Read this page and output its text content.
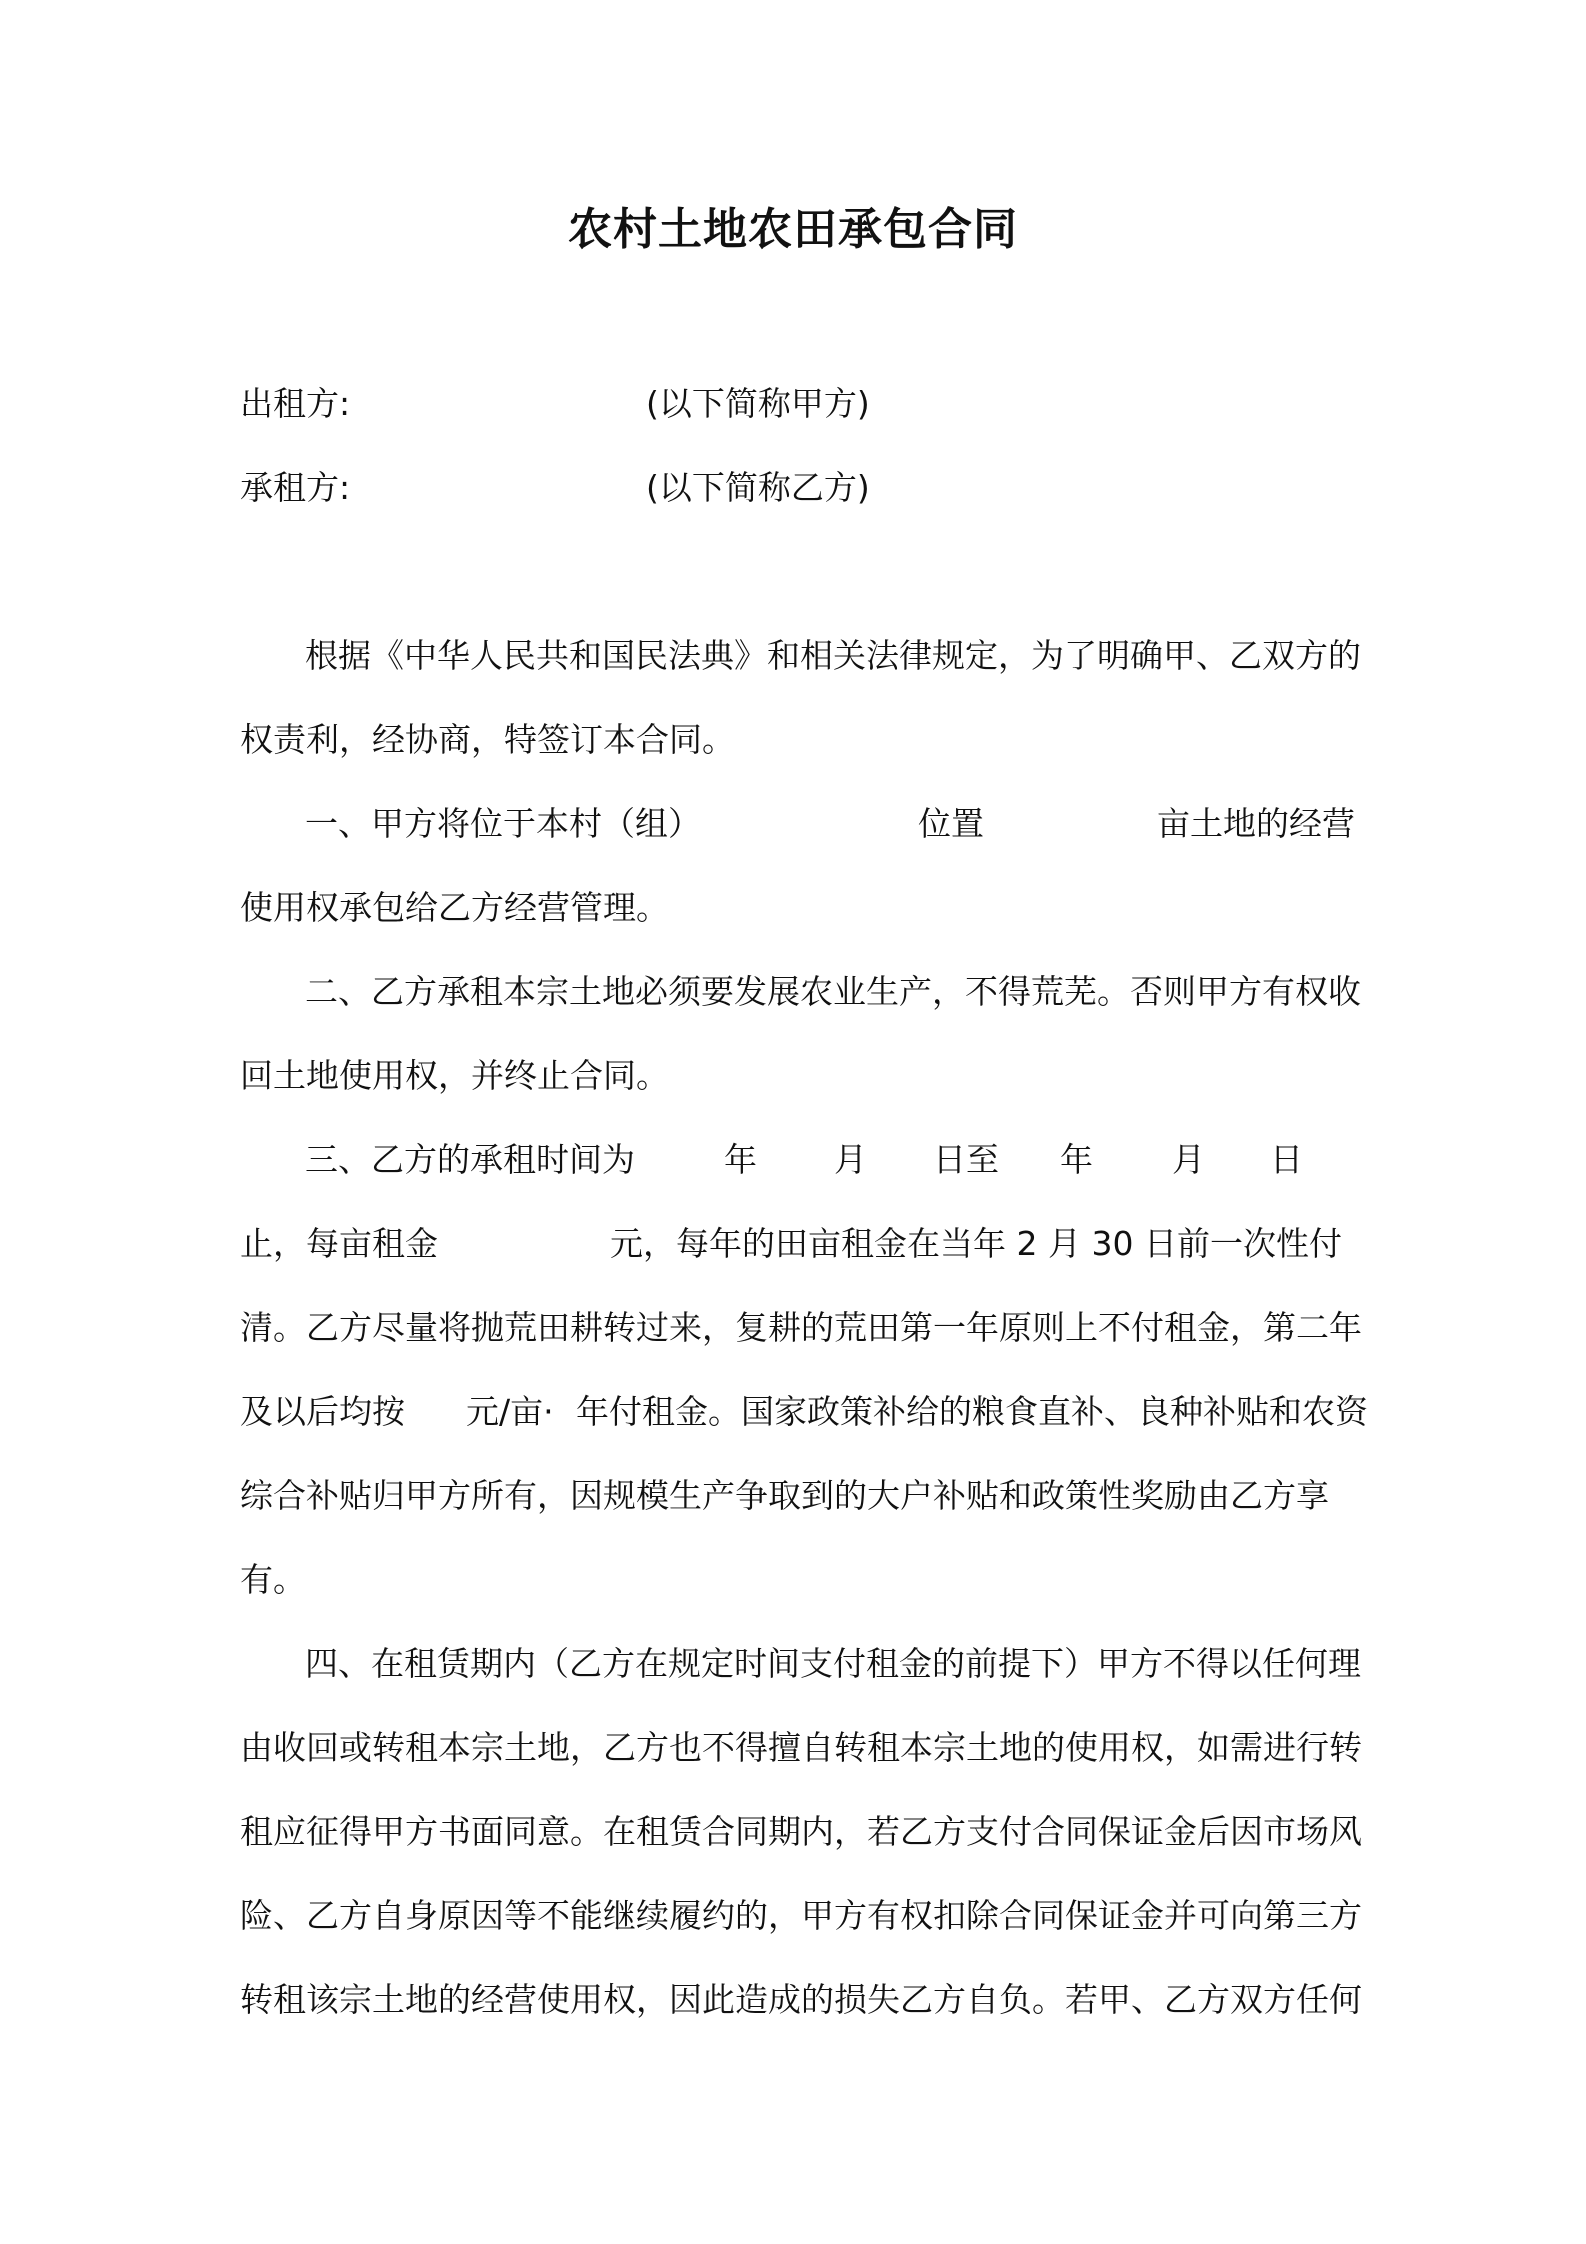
农村土地农田承包合同
出租方:	(以下简称甲方)
承租方:	(以下简称乙方)
根据《中华人民共和国民法典》和相关法律规定，为了明确甲、乙双方的
权责利，经协商，特签订本合同。
一、甲方将位于本村（组）	位置	亩土地的经营
使用权承包给乙方经营管理。
二、乙方承租本宗土地必须要发展农业生产，不得荒芜。否则甲方有权收
回土地使用权，并终止合同。
三、乙方的承租时间为	年 月 日至 年 月 日
止，每亩租金	元，每年的田亩租金在当年 2 月 30 日前一次性付
清。乙方尽量将抛荒田耕转过来，复耕的荒田第一年原则上不付租金，第二年
及以后均按 元/亩· 年付租金。国家政策补给的粮食直补、良种补贴和农资
综合补贴归甲方所有，因规模生产争取到的大户补贴和政策性奖励由乙方享
有。
四、在租赁期内（乙方在规定时间支付租金的前提下）甲方不得以任何理
由收回或转租本宗土地，乙方也不得擅自转租本宗土地的使用权，如需进行转
租应征得甲方书面同意。在租赁合同期内，若乙方支付合同保证金后因市场风
险、乙方自身原因等不能继续履约的，甲方有权扣除合同保证金并可向第三方
转租该宗土地的经营使用权，因此造成的损失乙方自负。若甲、乙方双方任何
